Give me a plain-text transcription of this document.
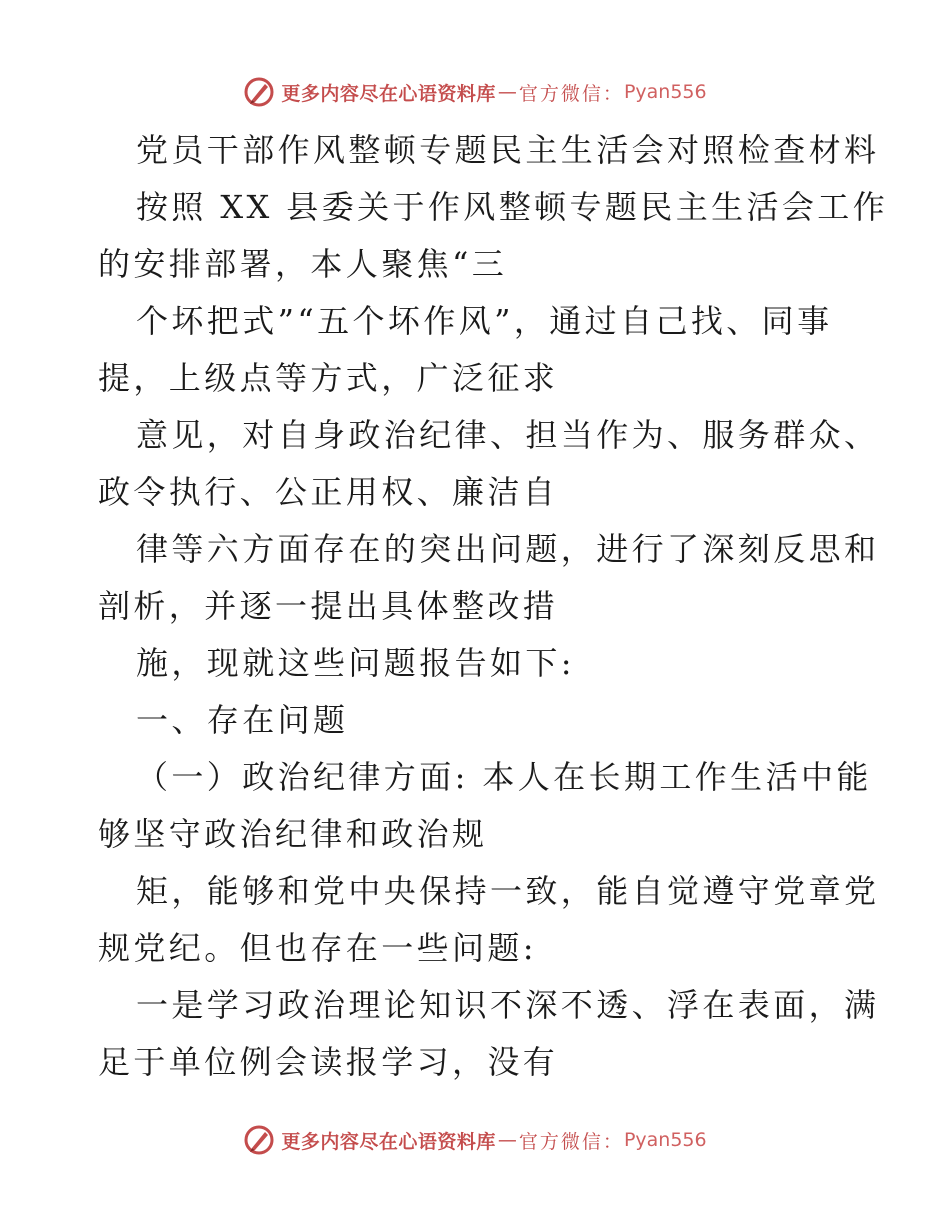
更多内容尽在心语资料库 — 官方微信： Pyan556
党员干部作风整顿专题民主生活会对照检查材料
按照 XX 县委关于作风整顿专题民主生活会工作
的安排部署，本人聚焦“三
个坏把式”“五个坏作风”，通过自己找、同事
提，上级点等方式，广泛征求
意见，对自身政治纪律、担当作为、服务群众、
政令执行、公正用权、廉洁自
律等六方面存在的突出问题，进行了深刻反思和
剖析，并逐一提出具体整改措
施，现就这些问题报告如下:
一、存在问题
（一）政治纪律方面: 本人在长期工作生活中能
够坚守政治纪律和政治规
矩，能够和党中央保持一致，能自觉遵守党章党
规党纪。但也存在一些问题:
一是学习政治理论知识不深不透、浮在表面，满
足于单位例会读报学习，没有
更多内容尽在心语资料库 — 官方微信： Pyan556
